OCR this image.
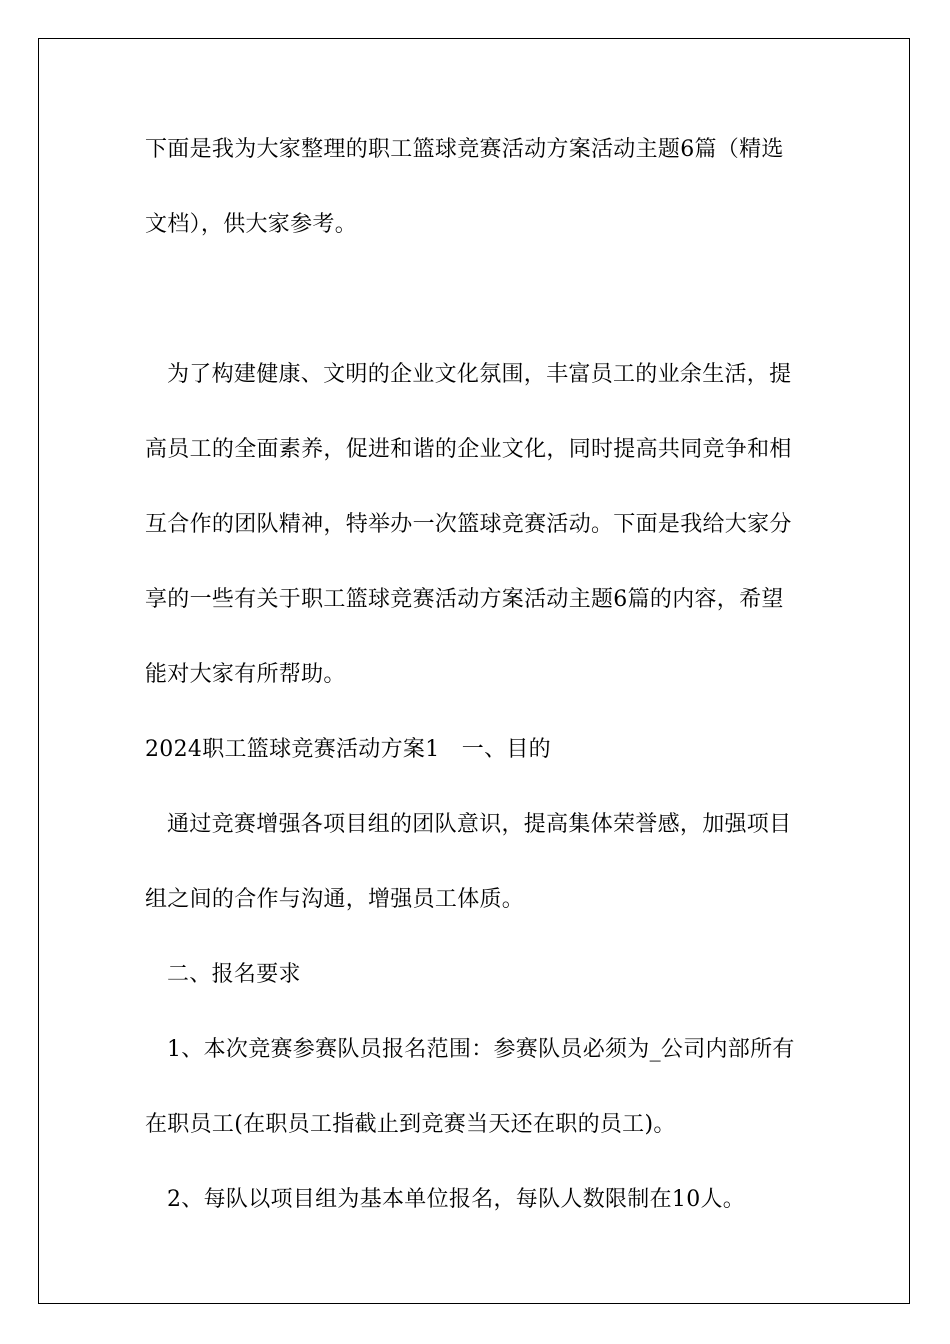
下面是我为大家整理的职工篮球竞赛活动方案活动主题6篇（精选
文档），供大家参考。
为了构建健康、文明的企业文化氛围，丰富员工的业余生活，提
高员工的全面素养，促进和谐的企业文化，同时提高共同竞争和相
互合作的团队精神，特举办一次篮球竞赛活动。下面是我给大家分
享的一些有关于职工篮球竞赛活动方案活动主题6篇的内容，希望
能对大家有所帮助。
2024职工篮球竞赛活动方案1　一、目的
通过竞赛增强各项目组的团队意识，提高集体荣誉感，加强项目
组之间的合作与沟通，增强员工体质。
二、报名要求
1、本次竞赛参赛队员报名范围：参赛队员必须为_公司内部所有
在职员工(在职员工指截止到竞赛当天还在职的员工)。
2、每队以项目组为基本单位报名，每队人数限制在10人。
